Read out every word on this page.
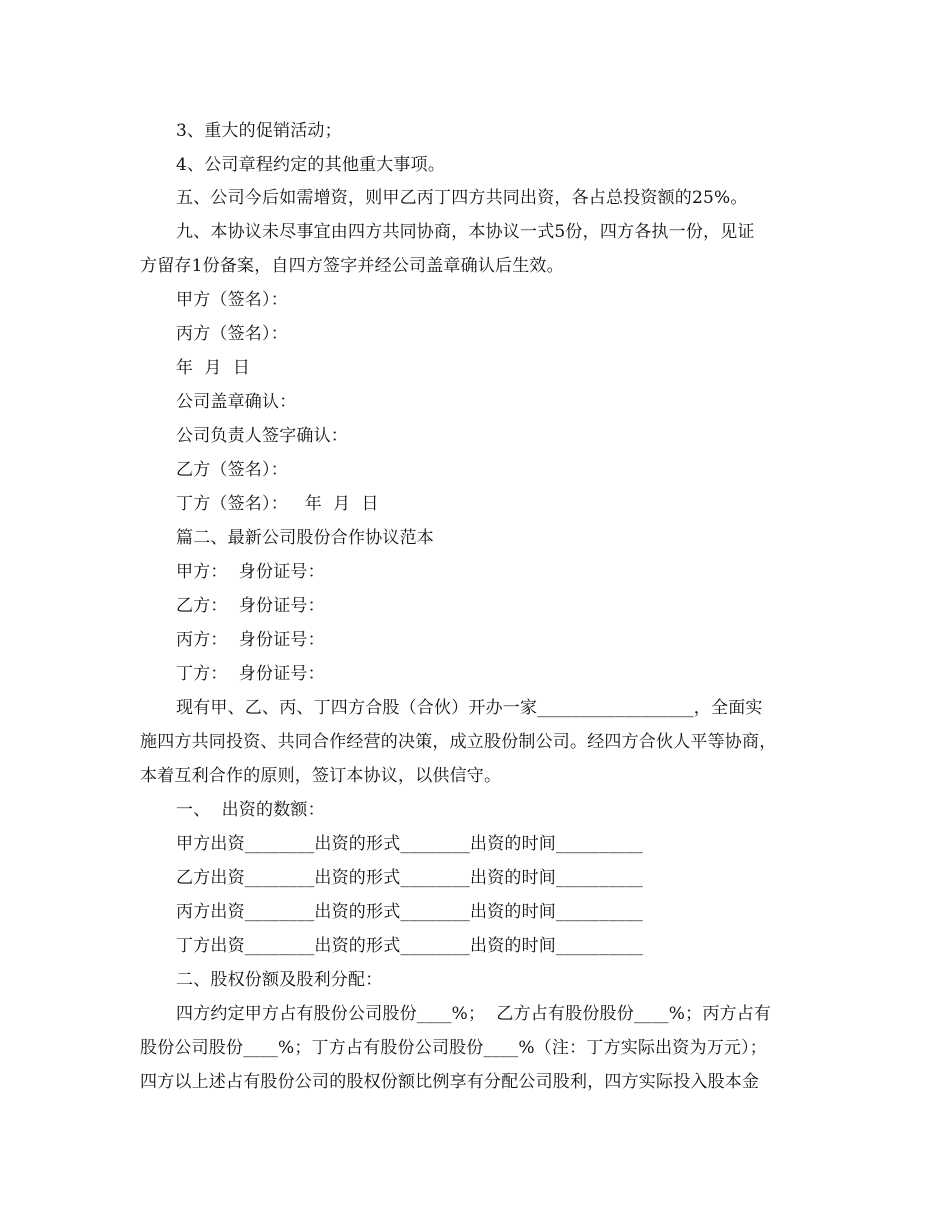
3、重大的促销活动；
4、公司章程约定的其他重大事项。
五、公司今后如需增资，则甲乙丙丁四方共同出资，各占总投资额的25%。
九、本协议未尽事宜由四方共同协商，本协议一式5份，四方各执一份，见证
方留存1份备案，自四方签字并经公司盖章确认后生效。
甲方（签名）：
丙方（签名）：
年  月  日
公司盖章确认：
公司负责人签字确认：
乙方（签名）：
丁方（签名）：   年  月  日
篇二、最新公司股份合作协议范本
甲方：  身份证号：
乙方：  身份证号：
丙方：  身份证号：
丁方：  身份证号：
现有甲、乙、丙、丁四方合股（合伙）开办一家__________________，全面实
施四方共同投资、共同合作经营的决策，成立股份制公司。经四方合伙人平等协商，
本着互利合作的原则，签订本协议，以供信守。
一、  出资的数额：
甲方出资________出资的形式________出资的时间__________
乙方出资________出资的形式________出资的时间__________
丙方出资________出资的形式________出资的时间__________
丁方出资________出资的形式________出资的时间__________
二、股权份额及股利分配：
四方约定甲方占有股份公司股份____%；  乙方占有股份股份____%；丙方占有
股份公司股份____%；丁方占有股份公司股份____%（注：丁方实际出资为万元）；
四方以上述占有股份公司的股权份额比例享有分配公司股利，四方实际投入股本金
